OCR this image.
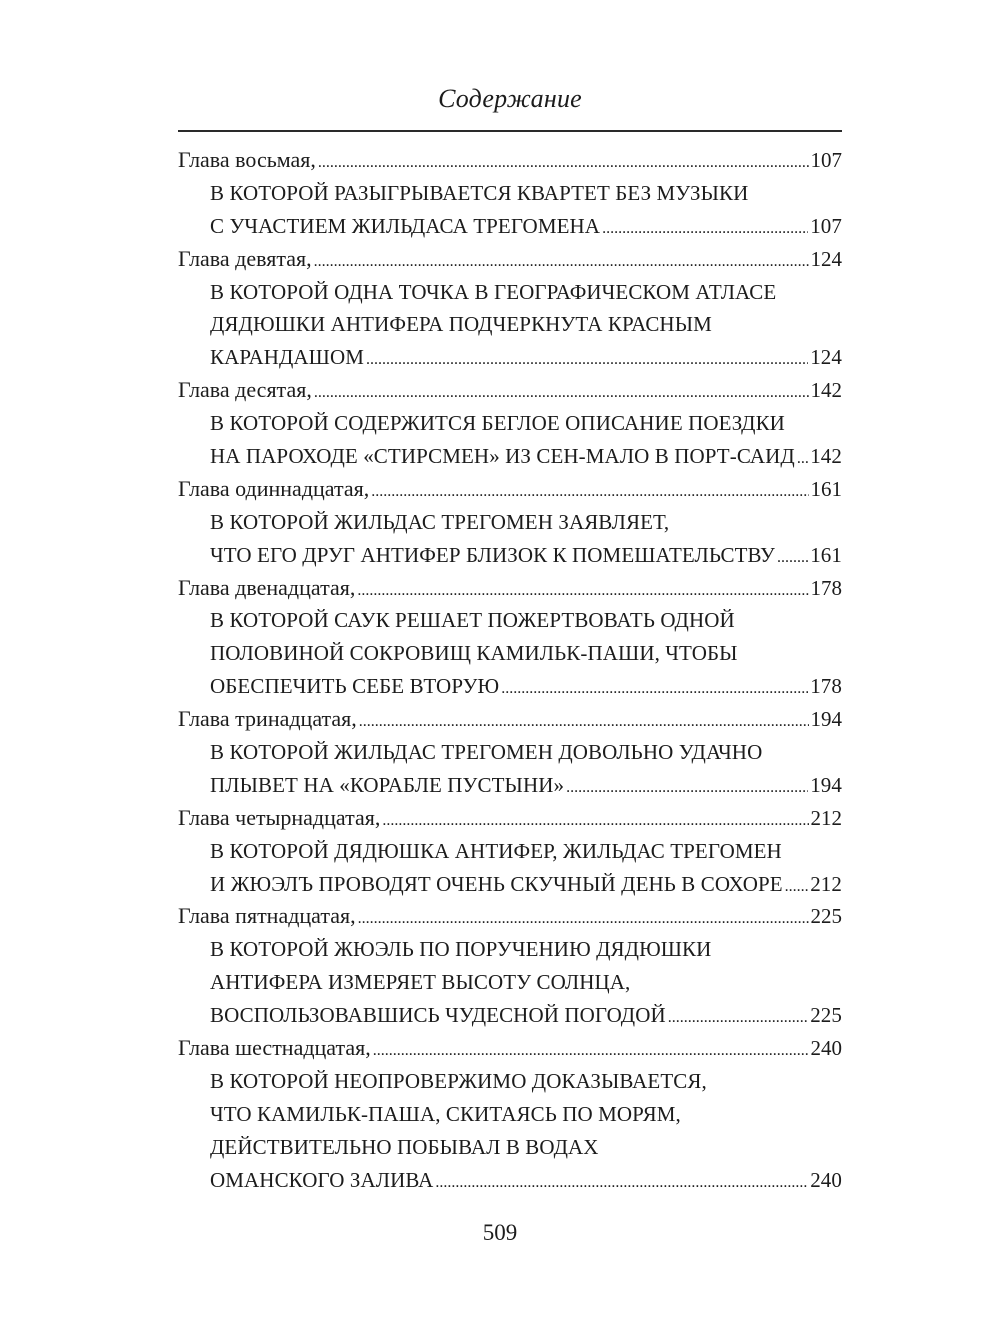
Содержание
Глава восьмая, . . .	107
В КОТОРОЙ РАЗЫГРЫВАЕТСЯ КВАРТЕТ БЕЗ МУЗЫКИ
С УЧАСТИЕМ ЖИЛЬДАСА ТРЕГОМЕНА . . .	107
Глава девятая, . . .	124
В КОТОРОЙ ОДНА ТОЧКА В ГЕОГРАФИЧЕСКОМ АТЛАСЕ
ДЯДЮШКИ АНТИФЕРА ПОДЧЕРКНУТА КРАСНЫМ
КАРАНДАШОМ . . .	124
Глава десятая, . . .	142
В КОТОРОЙ СОДЕРЖИТСЯ БЕГЛОЕ ОПИСАНИЕ ПОЕЗДКИ
НА ПАРОХОДЕ «СТИРСМЕН» ИЗ СЕН-МАЛО В ПОРТ-САИД . . . 142
Глава одиннадцатая, . . .	161
В КОТОРОЙ ЖИЛЬДАС ТРЕГОМЕН ЗАЯВЛЯЕТ,
ЧТО ЕГО ДРУГ АНТИФЕР БЛИЗОК К ПОМЕШАТЕЛЬСТВУ . . . 161
Глава двенадцатая, . . .	178
В КОТОРОЙ САУК РЕШАЕТ ПОЖЕРТВОВАТЬ ОДНОЙ
ПОЛОВИНОЙ СОКРОВИЩ КАМИЛЬК-ПАШИ, ЧТОБЫ
ОБЕСПЕЧИТЬ СЕБЕ ВТОРУЮ . . .	178
Глава тринадцатая, . . .	194
В КОТОРОЙ ЖИЛЬДАС ТРЕГОМЕН ДОВОЛЬНО УДАЧНО
ПЛЫВЕТ НА «КОРАБЛЕ ПУСТЫНИ» . . .	194
Глава четырнадцатая, . . .	212
В КОТОРОЙ ДЯДЮШКА АНТИФЕР, ЖИЛЬДАС ТРЕГОМЕН
И ЖЮЭЛЪ ПРОВОДЯТ ОЧЕНЬ СКУЧНЫЙ ДЕНЬ В СОХОРЕ . . . 212
Глава пятнадцатая, . . .	225
В КОТОРОЙ ЖЮЭЛЬ ПО ПОРУЧЕНИЮ ДЯДЮШКИ
АНТИФЕРА ИЗМЕРЯЕТ ВЫСОТУ СОЛНЦА,
ВОСПОЛЬЗОВАВШИСЬ ЧУДЕСНОЙ ПОГОДОЙ . . .	225
Глава шестнадцатая, . . .	240
В КОТОРОЙ НЕОПРОВЕРЖИМО ДОКАЗЫВАЕТСЯ,
ЧТО КАМИЛЬК-ПАША, СКИТАЯСЬ ПО МОРЯМ,
ДЕЙСТВИТЕЛЬНО ПОБЫВАЛ В ВОДАХ
ОМАНСКОГО ЗАЛИВА . . .	240
509
